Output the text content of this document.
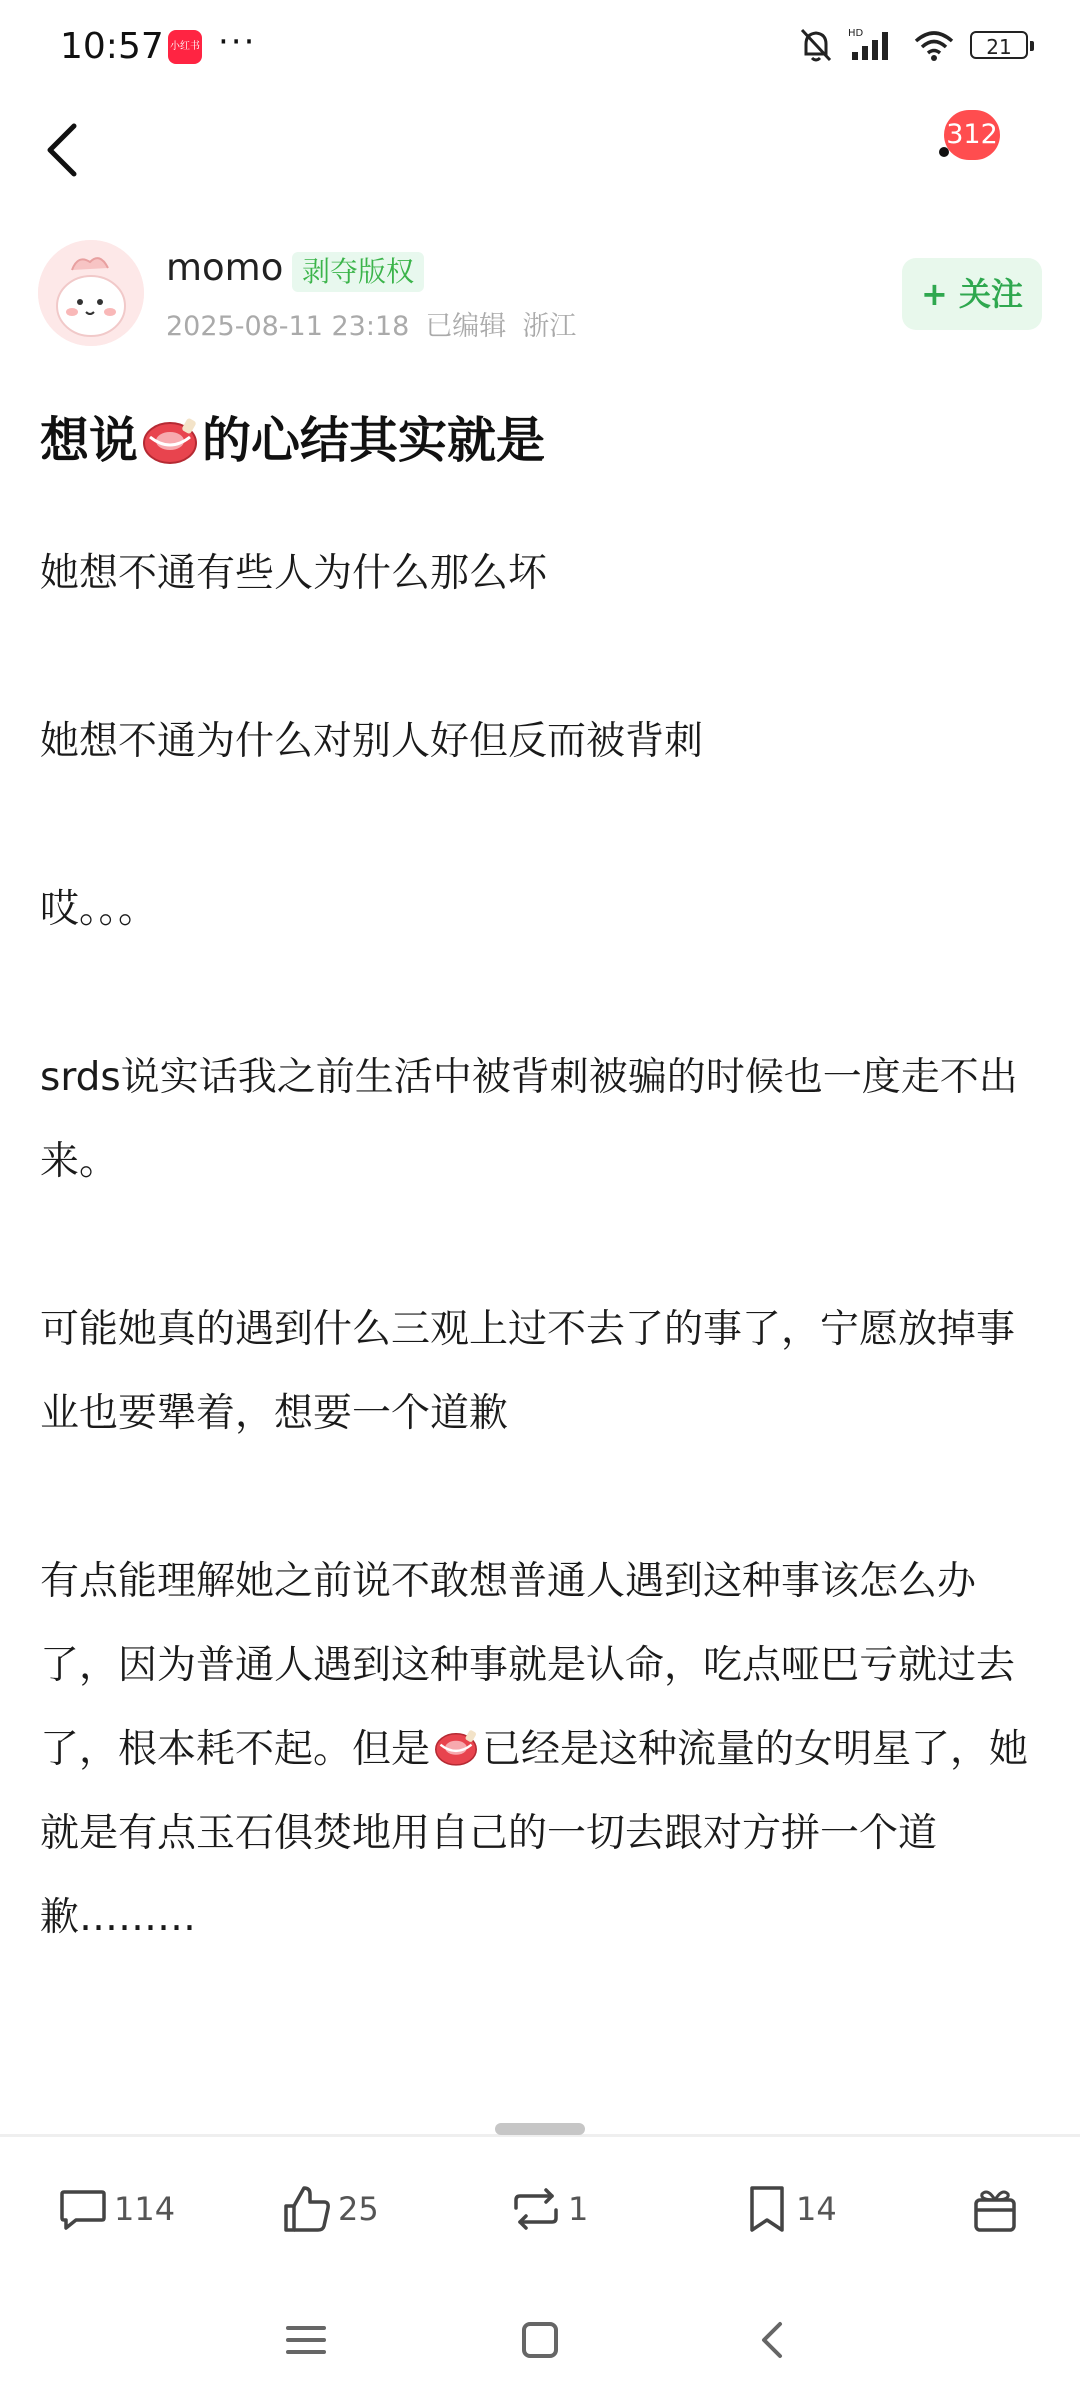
10:57 小红书 ···	HD
21
312
momo 剥夺版权
2025-08-11 23:18 已编辑 浙江
+ 关注
想说 的心结其实就是

她想不通有些人为什么那么坏

她想不通为什么对别人好但反而被背刺

哎。。。

srds说实话我之前生活中被背刺被骗的时候也一度走不出来。

可能她真的遇到什么三观上过不去了的事了，宁愿放掉事业也要犟着，想要一个道歉

有点能理解她之前说不敢想普通人遇到这种事该怎么办了，因为普通人遇到这种事就是认命，吃点哑巴亏就过去了，根本耗不起。但是 已经是这种流量的女明星了，她就是有点玉石俱焚地用自己的一切去跟对方拼一个道歉………

114	25	1	14
